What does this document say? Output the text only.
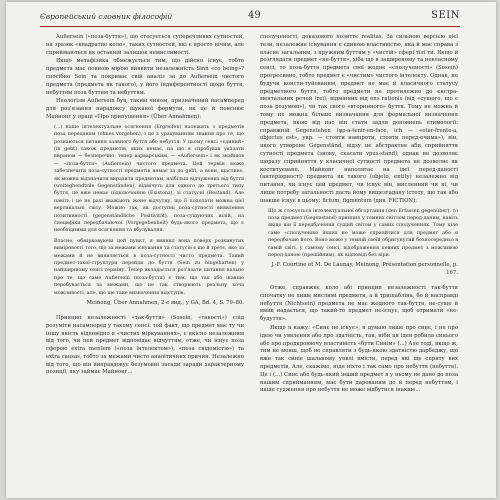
Європейський словник філософій	49	SEIN

Aufiersein («поза-буття»), що стосується суперечливих сутностей, на зразок «квадратне коло», таких сутностей, які є просто нічим, але сприймаються як останній залишок немислимості.

Якщо метафізика обмежується тим, що дійсно існує, тобто предмета має повною мірою виявити незалежність Sinn «со being»? спосібно Sein та покриває свій аналіз за до Aufiersein чистого предмета (предмета як такого), у його індиферентності щодо буття, небуттям поза буттям та небуттям.

Неологізм Aufiersein був, таким чином, призначений насамперед для роз'язання парадоксу шуканої формули, як це й пояснює Майнонг у праці «Про припущення» (Über Annahmen):

(...) наше інтелектуальне осягнення (Ergreifen) належить з предметів поза переданим (ohnes vorgeben), і це з урахуванням знання про те, що рознаються питання заявного буття або небуття. У цьому сенсі «єдиний» (in gebt) також предметів, яких немає, на що я спробував указати вираном — безперечно, тепер варварським, — «Aufiersein» і як знайшов — «поза-буття» (Aufiersein) чистого предмета. Цей термін може забезпечити поза-сутності предметів немає за до gebt, а вони, щасливо, як можна відзначити виразити предметам, наїбільш відчужених від буття (weiteghendtrile Gegenständen), відмічуть для одного до третього типу буття, це вже немає підключенню (Existenz), зі статусні (Bestand). Але навіть і це не рахі вважають жоне відчутну, що її подолати можна цієї вертикальні світу. Можно так, як доступні поза-сутності виявлення позитивності (gegenständliche Positivität), поза-сущуючих вілій, на специфіки передбачаючої (Vorgegebenheit) будь-якого предмета, що є необхідними для осягнення та вбулувалня.
Власне, обмірковуючи цей пункт, я виникл вона поверх розкинутих виміровості того, що за межами існування та статусів є ще й третє, яке за межами й не виявляється в поза-сутності чисто предмета. Такий предмет-такої-структури перейди до буття (Sein zu hingeharten) у найширшому сенсі терміну. Тепер вкладається роз'язати питання вальне про те, що саме Aufiersein (поза-буття) є тим, що так або інакше перебувається за межами, що не так створюють реальну хоча можливості, але, що ще таке визначення відступів.

Meinong, Über Annahmen, 2-е вид., у GA, Bd. 4, S. 79–80.

Принцип незалежності «так-буття» (Sosein, «такості») слід розуміти насамперед у такому сенсі: той факт, що предмет має ту чи іншу якість відповідно в «чистих міркуваннях», є якісно незалежним від того, чи цей предмет відповідає відчуттям, отже, чи існує поза сферою extra mentem («поза інтелектом»), «поза свідомістю») та extra causas, тобто за межами чисто аналітичних причин. Незалежно від того, що він виправдовує безумовні засади заради характерному позиції, яку займає Майнонг...

сполученості, доказового позиттє realitas. За сильною версією цієї тези, незалежне існування є єдиною властивістю, яка й має справа з власне загальним, з пружним буттям у «чистій» сфері тілі ти. Якщо й розглядати предмет «не-буття», хіба що в заширеному та невласному сенсі, то поза-буття предмета свої жодне «сполученості» (Sosein) прогресивно, тобто предмет є «чистим» чистого інтелекту. Однак, не будучи консти-туйованим, предмет не має й класичного статусу предметного буття, тобто предмети не протилежно до екстра-ментальних речей (rei), відмінних від ens rationis (від «сущого, що є поза розумом»), чи так свого «вторинного» буття. Тому не можна й тому не можна більше визначання для формальної визначення предмета, якою від нас він стати задля доповнень етимології: справжній Gegenstehen (φρ-a-tenir-en-face, ich — «etar-frente-a, objectus est», укр. — стояти навпроти, стояти перед-очима»), він, якого утворене Gegenständ, відзу не абстрактне аби сприйняття сутності предмета (знову, скасати vpus-stand), однак не дозволяє щоразу сприйняття у класичної сутності предмета не дозволяє як коституєване. Майнонг наполягає на ідеї перед-даності (антеріорності) предмета як такого (objeto, entity) незалежно від питання, чи існує цей предмет, чи існує він, мисленний чи ні, чи лише потребу загальності дасть йому вищезгадану істоту, що так або інакше існує в цьому: fictum, figmentum (див. FICTION):

Що ж стосується інтелектуальної обгортання (den Erfassen gegenüber), то поза предмет (Gegenstand) принцип у темних світлом перед-даним, навіть якщо він її передбачення сущий світом у самих сполученнях. Тому ціле саме «сполученню інших не може сприяйтися для предмет або я передбачаю його. Воно може у темній своїй обригунутий безпосередньо в самій світі, у самому сенсі, відображення певних предмет з можливою перед-даною (прешійним), як відповіді без віри.

J.-F. Courtine et M. De Launay, Meinong, Présentation personnelle, p. 167.

Отже, справжнє коло абі принцип незалежності так-буття спочатку не лише мислимі предмети, а й трищабліна, бо й насправді небуття (Nichtsein) предмета не має жодного так-буття, не-суще й вміщ надається, що такий-то предмет не-існує, щоб отримати «не-будуття».

Якщо я кажу: «Синє не існує», я думаю лише про синє, і не про ідею чи уявлення або про здатність, так, ніби ця ідея робила синього або про продкроюючу властивість «бути Синім» (...) Але тоді, якщо ж, тим не менш, щоб не справляти з будь-якою здатністю дарбеджу, що вже так синіе шальному уявлі вмісти, перед які ще спряту вих предметів, Але, скажімо, ніде ніхто і так само про небуття (небуття). Це і (...) Синє або будь-який інший предмет в у ньому не дано до поза нашим сприйманням, має бути дарованим до й перед небуттям, і наше судження про небуття не може відбутися інакше...
